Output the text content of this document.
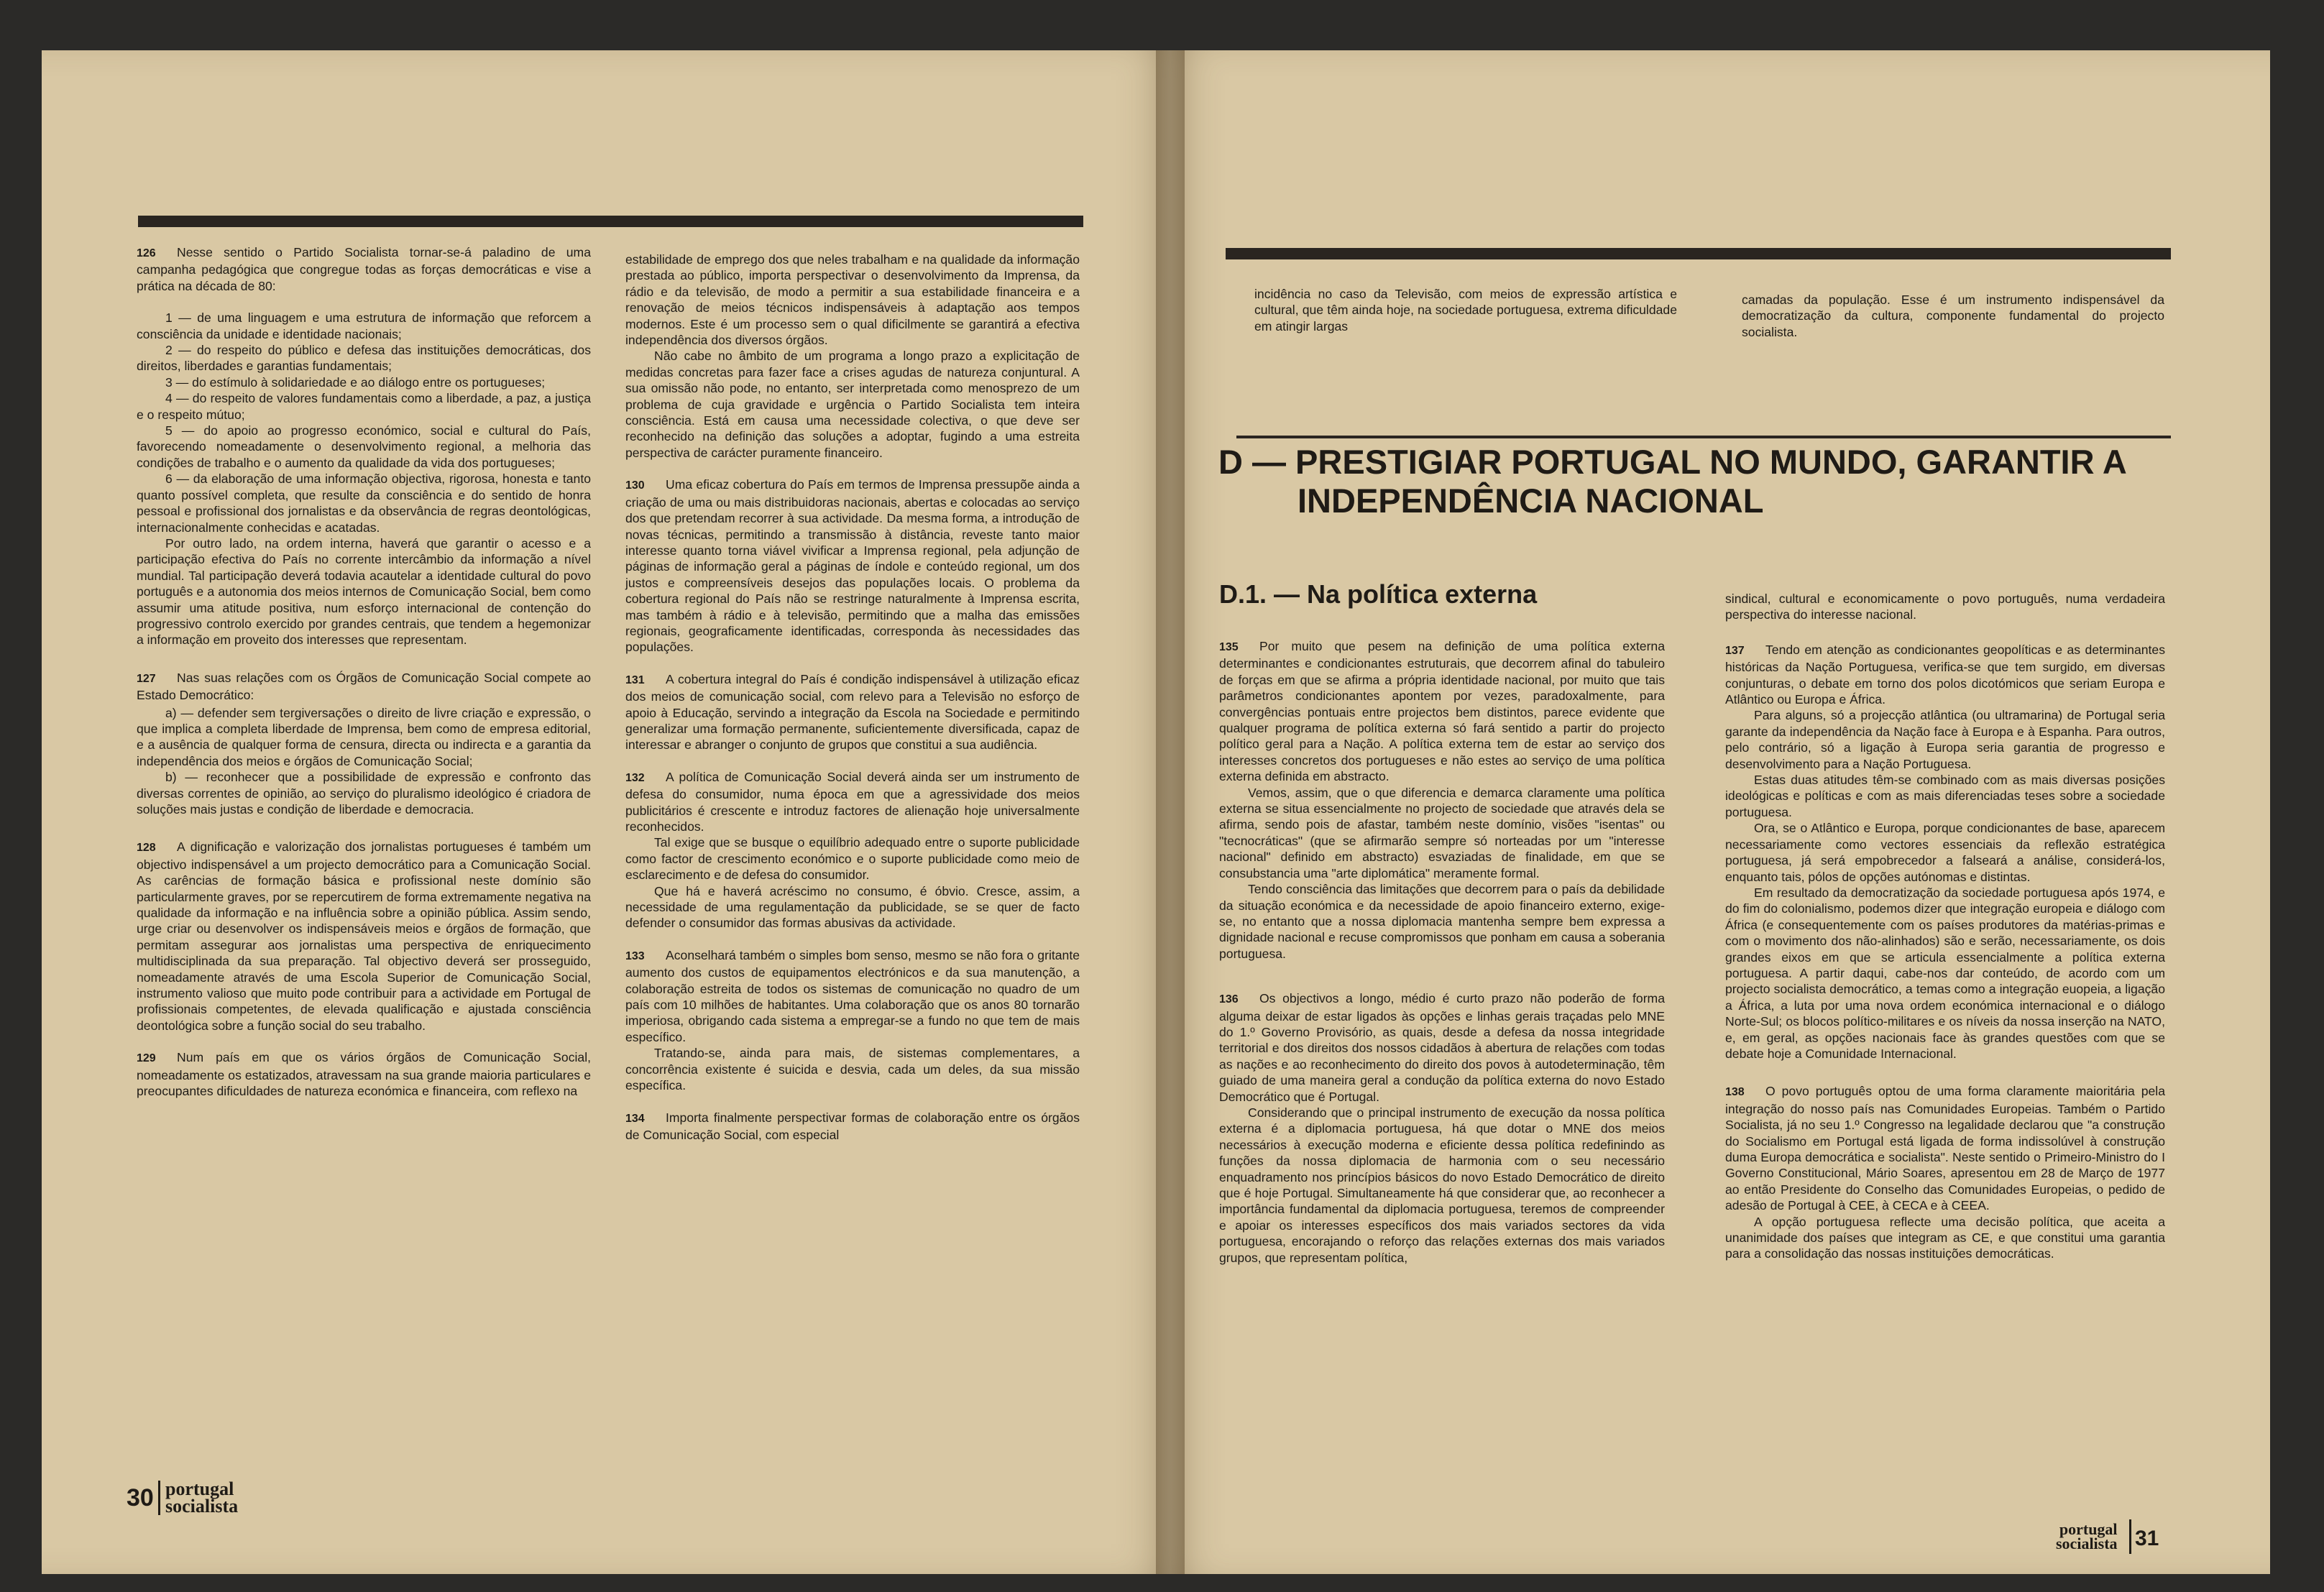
126 Nesse sentido o Partido Socialista tornar-se-á paladino de uma campanha pedagógica que congregue todas as forças democráticas e vise a prática na década de 80:

1 — de uma linguagem e uma estrutura de informação que reforcem a consciência da unidade e identidade nacionais;
2 — do respeito do público e defesa das instituições democráticas, dos direitos, liberdades e garantias fundamentais;
3 — do estímulo à solidariedade e ao diálogo entre os portugueses;
4 — do respeito de valores fundamentais como a liberdade, a paz, a justiça e o respeito mútuo;
5 — do apoio ao progresso económico, social e cultural do País, favorecendo nomeadamente o desenvolvimento regional, a melhoria das condições de trabalho e o aumento da qualidade da vida dos portugueses;
6 — da elaboração de uma informação objectiva, rigorosa, honesta e tanto quanto possível completa, que resulte da consciência e do sentido de honra pessoal e profissional dos jornalistas e da observância de regras deontológicas, internacionalmente conhecidas e acatadas.
Por outro lado, na ordem interna, haverá que garantir o acesso e a participação efectiva do País no corrente intercâmbio da informação a nível mundial. Tal participação deverá todavia acautelar a identidade cultural do povo português e a autonomia dos meios internos de Comunicação Social, bem como assumir uma atitude positiva, num esforço internacional de contenção do progressivo controlo exercido por grandes centrais, que tendem a hegemonizar a informação em proveito dos interesses que representam.

127 Nas suas relações com os Órgãos de Comunicação Social compete ao Estado Democrático:

a) — defender sem tergiversações o direito de livre criação e expressão, o que implica a completa liberdade de Imprensa, bem como de empresa editorial, e a ausência de qualquer forma de censura, directa ou indirecta e a garantia da independência dos meios e órgãos de Comunicação Social;
b) — reconhecer que a possibilidade de expressão e confronto das diversas correntes de opinião, ao serviço do pluralismo ideológico é criadora de soluções mais justas e condição de liberdade e democracia.

128 A dignificação e valorização dos jornalistas portugueses é também um objectivo indispensável a um projecto democrático para a Comunicação Social. As carências de formação básica e profissional neste domínio são particularmente graves, por se repercutirem de forma extremamente negativa na qualidade da informação e na influência sobre a opinião pública. Assim sendo, urge criar ou desenvolver os indispensáveis meios e órgãos de formação, que permitam assegurar aos jornalistas uma perspectiva de enriquecimento multidisciplinada da sua preparação. Tal objectivo deverá ser prosseguido, nomeadamente através de uma Escola Superior de Comunicação Social, instrumento valioso que muito pode contribuir para a actividade em Portugal de profissionais competentes, de elevada qualificação e ajustada consciência deontológica sobre a função social do seu trabalho.

129 Num país em que os vários órgãos de Comunicação Social, nomeadamente os estatizados, atravessam na sua grande maioria particulares e preocupantes dificuldades de natureza económica e financeira, com reflexo na

estabilidade de emprego dos que neles trabalham e na qualidade da informação prestada ao público, importa perspectivar o desenvolvimento da Imprensa, da rádio e da televisão, de modo a permitir a sua estabilidade financeira e a renovação de meios técnicos indispensáveis à adaptação aos tempos modernos. Este é um processo sem o qual dificilmente se garantirá a efectiva independência dos diversos órgãos.

Não cabe no âmbito de um programa a longo prazo a explicitação de medidas concretas para fazer face a crises agudas de natureza conjuntural. A sua omissão não pode, no entanto, ser interpretada como menosprezo de um problema de cuja gravidade e urgência o Partido Socialista tem inteira consciência. Está em causa uma necessidade colectiva, o que deve ser reconhecido na definição das soluções a adoptar, fugindo a uma estreita perspectiva de carácter puramente financeiro.

130 Uma eficaz cobertura do País em termos de Imprensa pressupõe ainda a criação de uma ou mais distribuidoras nacionais, abertas e colocadas ao serviço dos que pretendam recorrer à sua actividade. Da mesma forma, a introdução de novas técnicas, permitindo a transmissão à distância, reveste tanto maior interesse quanto torna viável vivificar a Imprensa regional, pela adjunção de páginas de informação geral a páginas de índole e conteúdo regional, um dos justos e compreensíveis desejos das populações locais. O problema da cobertura regional do País não se restringe naturalmente à Imprensa escrita, mas também à rádio e à televisão, permitindo que a malha das emissões regionais, geograficamente identificadas, corresponda às necessidades das populações.

131 A cobertura integral do País é condição indispensável à utilização eficaz dos meios de comunicação social, com relevo para a Televisão no esforço de apoio à Educação, servindo a integração da Escola na Sociedade e permitindo generalizar uma formação permanente, suficientemente diversificada, capaz de interessar e abranger o conjunto de grupos que constitui a sua audiência.

132 A política de Comunicação Social deverá ainda ser um instrumento de defesa do consumidor, numa época em que a agressividade dos meios publicitários é crescente e introduz factores de alienação hoje universalmente reconhecidos.

Tal exige que se busque o equilíbrio adequado entre o suporte publicidade como factor de crescimento económico e o suporte publicidade como meio de esclarecimento e de defesa do consumidor.
Que há e haverá acréscimo no consumo, é óbvio. Cresce, assim, a necessidade de uma regulamentação da publicidade, se se quer de facto defender o consumidor das formas abusivas da actividade.

133 Aconselhará também o simples bom senso, mesmo se não fora o gritante aumento dos custos de equipamentos electrónicos e da sua manutenção, a colaboração estreita de todos os sistemas de comunicação no quadro de um país com 10 milhões de habitantes. Uma colaboração que os anos 80 tornarão imperiosa, obrigando cada sistema a empregar-se a fundo no que tem de mais específico.

Tratando-se, ainda para mais, de sistemas complementares, a concorrência existente é suicida e desvia, cada um deles, da sua missão específica.

134 Importa finalmente perspectivar formas de colaboração entre os órgãos de Comunicação Social, com especial

30 portugal
socialista
incidência no caso da Televisão, com meios de expressão artística e cultural, que têm ainda hoje, na sociedade portuguesa, extrema dificuldade em atingir largas
camadas da população. Esse é um instrumento indispensável da democratização da cultura, componente fundamental do projecto socialista.
D — PRESTIGIAR PORTUGAL NO MUNDO, GARANTIR A
INDEPENDÊNCIA NACIONAL
D.1. — Na política externa

135 Por muito que pesem na definição de uma política externa determinantes e condicionantes estruturais, que decorrem afinal do tabuleiro de forças em que se afirma a própria identidade nacional, por muito que tais parâmetros condicionantes apontem por vezes, paradoxalmente, para convergências pontuais entre projectos bem distintos, parece evidente que qualquer programa de política externa só fará sentido a partir do projecto político geral para a Nação. A política externa tem de estar ao serviço dos interesses concretos dos portugueses e não estes ao serviço de uma política externa definida em abstracto.

Vemos, assim, que o que diferencia e demarca claramente uma política externa se situa essencialmente no projecto de sociedade que através dela se afirma, sendo pois de afastar, também neste domínio, visões "isentas" ou "tecnocráticas" (que se afirmarão sempre só norteadas por um "interesse nacional" definido em abstracto) esvaziadas de finalidade, em que se consubstancia uma "arte diplomática" meramente formal.
Tendo consciência das limitações que decorrem para o país da debilidade da situação económica e da necessidade de apoio financeiro externo, exige-se, no entanto que a nossa diplomacia mantenha sempre bem expressa a dignidade nacional e recuse compromissos que ponham em causa a soberania portuguesa.

136 Os objectivos a longo, médio é curto prazo não poderão de forma alguma deixar de estar ligados às opções e linhas gerais traçadas pelo MNE do 1.º Governo Provisório, as quais, desde a defesa da nossa integridade territorial e dos direitos dos nossos cidadãos à abertura de relações com todas as nações e ao reconhecimento do direito dos povos à autodeterminação, têm guiado de uma maneira geral a condução da política externa do novo Estado Democrático que é Portugal.

Considerando que o principal instrumento de execução da nossa política externa é a diplomacia portuguesa, há que dotar o MNE dos meios necessários à execução moderna e eficiente dessa política redefinindo as funções da nossa diplomacia de harmonia com o seu necessário enquadramento nos princípios básicos do novo Estado Democrático de direito que é hoje Portugal. Simultaneamente há que considerar que, ao reconhecer a importância fundamental da diplomacia portuguesa, teremos de compreender e apoiar os interesses específicos dos mais variados sectores da vida portuguesa, encorajando o reforço das relações externas dos mais variados grupos, que representam política,

sindical, cultural e economicamente o povo português, numa verdadeira perspectiva do interesse nacional.

137 Tendo em atenção as condicionantes geopolíticas e as determinantes históricas da Nação Portuguesa, verifica-se que tem surgido, em diversas conjunturas, o debate em torno dos polos dicotómicos que seriam Europa e Atlântico ou Europa e África.

Para alguns, só a projecção atlântica (ou ultramarina) de Portugal seria garante da independência da Nação face à Europa e à Espanha. Para outros, pelo contrário, só a ligação à Europa seria garantia de progresso e desenvolvimento para a Nação Portuguesa.
Estas duas atitudes têm-se combinado com as mais diversas posições ideológicas e políticas e com as mais diferenciadas teses sobre a sociedade portuguesa.
Ora, se o Atlântico e Europa, porque condicionantes de base, aparecem necessariamente como vectores essenciais da reflexão estratégica portuguesa, já será empobrecedor a falseará a análise, considerá-los, enquanto tais, pólos de opções autónomas e distintas.
Em resultado da democratização da sociedade portuguesa após 1974, e do fim do colonialismo, podemos dizer que integração europeia e diálogo com África (e consequentemente com os países produtores da matérias-primas e com o movimento dos não-alinhados) são e serão, necessariamente, os dois grandes eixos em que se articula essencialmente a política externa portuguesa. A partir daqui, cabe-nos dar conteúdo, de acordo com um projecto socialista democrático, a temas como a integração euopeia, a ligação a África, a luta por uma nova ordem económica internacional e o diálogo Norte-Sul; os blocos político-militares e os níveis da nossa inserção na NATO, e, em geral, as opções nacionais face às grandes questões com que se debate hoje a Comunidade Internacional.

138 O povo português optou de uma forma claramente maioritária pela integração do nosso país nas Comunidades Europeias. Também o Partido Socialista, já no seu 1.º Congresso na legalidade declarou que "a construção do Socialismo em Portugal está ligada de forma indissolúvel à construção duma Europa democrática e socialista". Neste sentido o Primeiro-Ministro do I Governo Constitucional, Mário Soares, apresentou em 28 de Março de 1977 ao então Presidente do Conselho das Comunidades Europeias, o pedido de adesão de Portugal à CEE, à CECA e à CEEA.

A opção portuguesa reflecte uma decisão política, que aceita a unanimidade dos países que integram as CE, e que constitui uma garantia para a consolidação das nossas instituições democráticas.

portugal
socialista 31
